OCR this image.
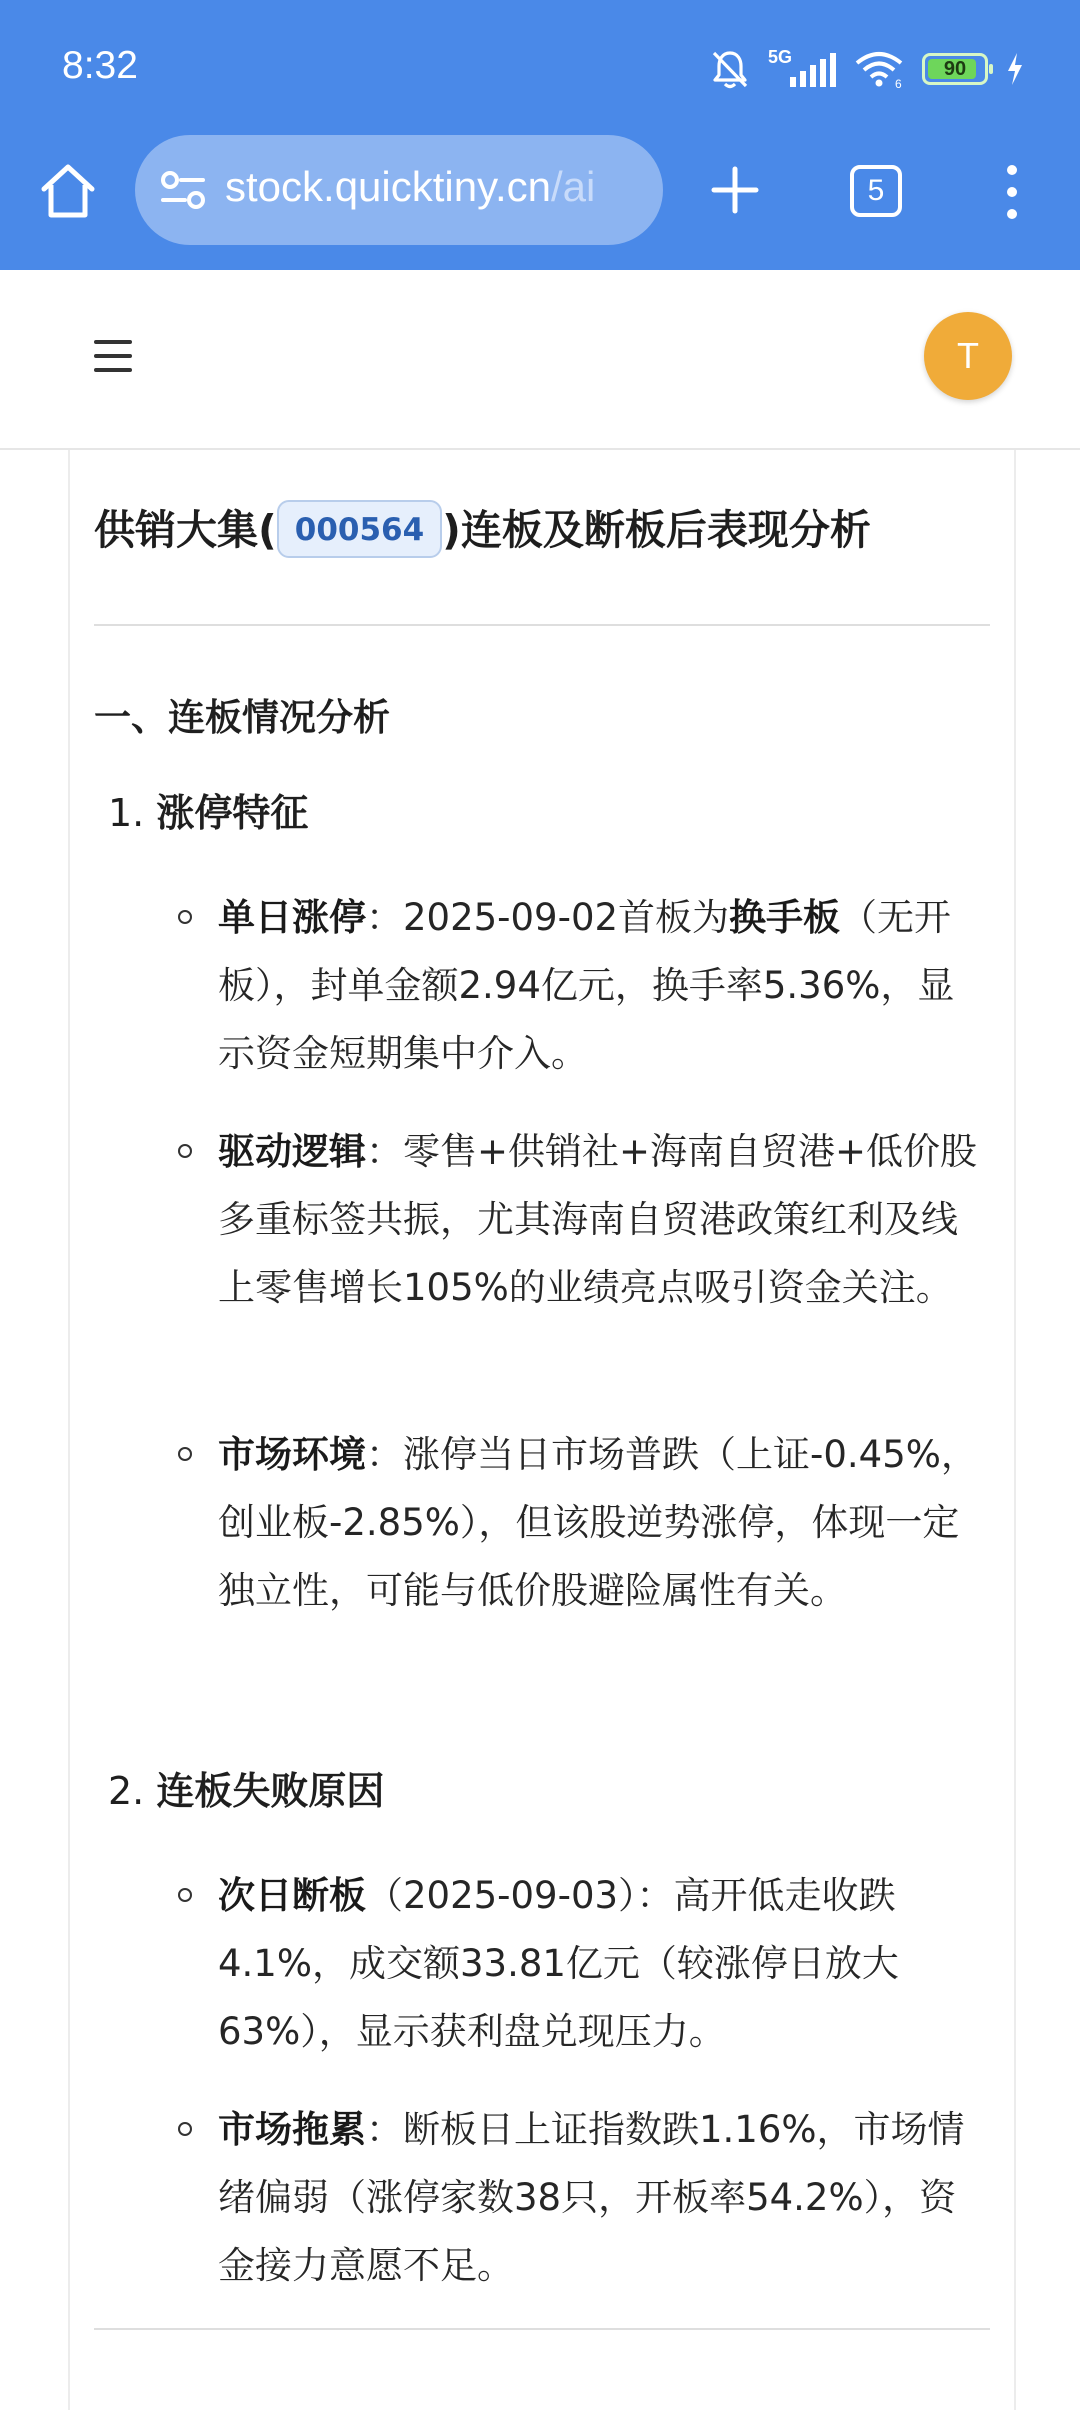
8:32	5G
6
90
stock.quicktiny.cn/ai	5
T
供销大集( 000564 )连板及断板后表现分析
一、连板情况分析
1. 涨停特征
单日涨停：2025-09-02首板为换手板（无开板），封单金额2.94亿元，换手率5.36%，显示资金短期集中介入。
驱动逻辑：零售+供销社+海南自贸港+低价股多重标签共振，尤其海南自贸港政策红利及线上零售增长105%的业绩亮点吸引资金关注。
市场环境：涨停当日市场普跌（上证-0.45%，创业板-2.85%），但该股逆势涨停，体现一定独立性，可能与低价股避险属性有关。
2. 连板失败原因
次日断板（2025-09-03）：高开低走收跌4.1%，成交额33.81亿元（较涨停日放大63%），显示获利盘兑现压力。
市场拖累：断板日上证指数跌1.16%，市场情绪偏弱（涨停家数38只，开板率54.2%），资金接力意愿不足。
